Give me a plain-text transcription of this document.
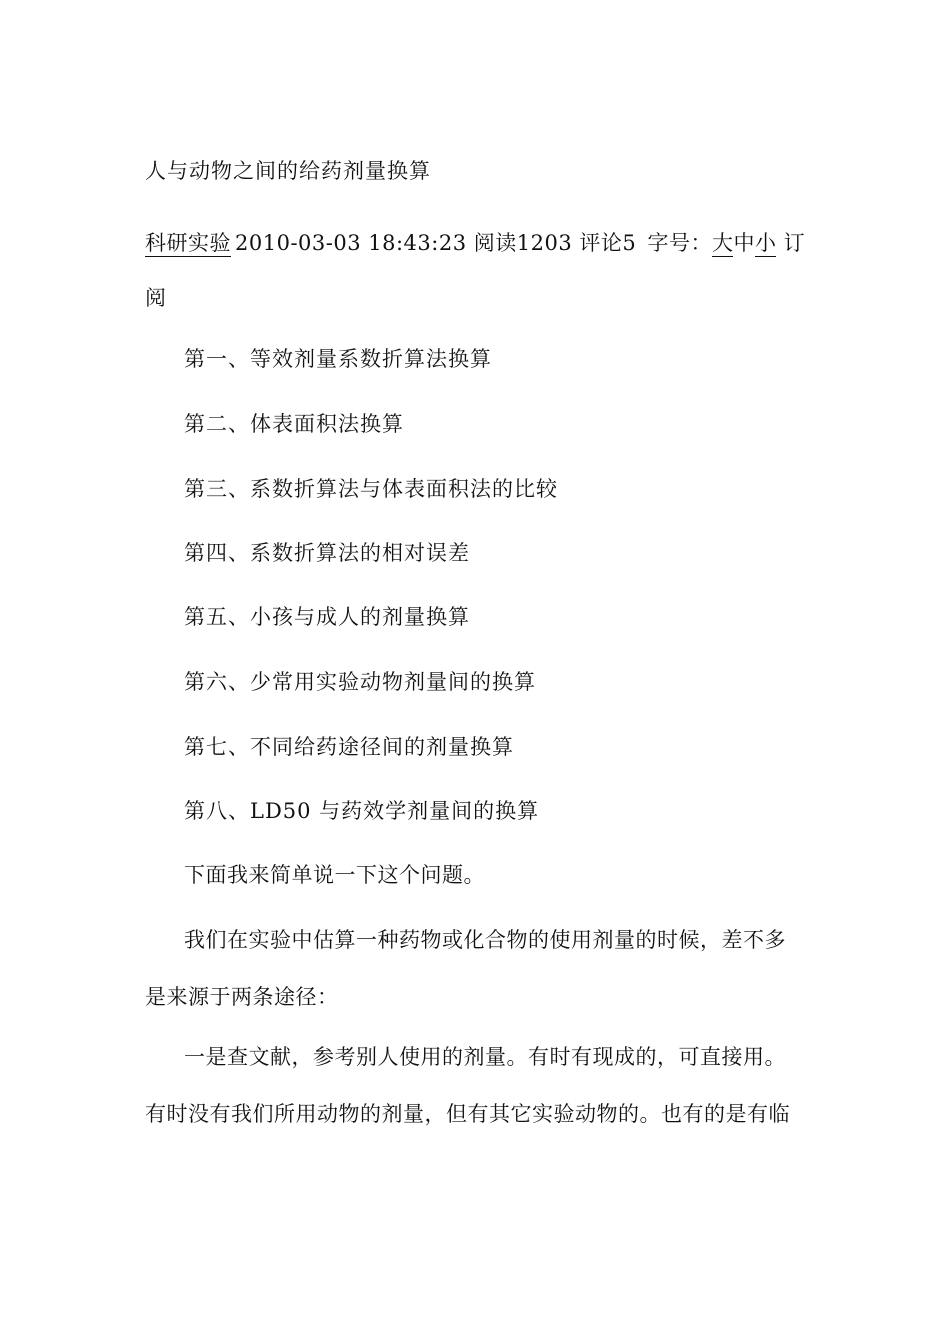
人与动物之间的给药剂量换算
科研实验 2010-03-03 18:43:23 阅读1203 评论5 字号：大中小 订
阅
第一、等效剂量系数折算法换算
第二、体表面积法换算
第三、系数折算法与体表面积法的比较
第四、系数折算法的相对误差
第五、小孩与成人的剂量换算
第六、少常用实验动物剂量间的换算
第七、不同给药途径间的剂量换算
第八、LD50 与药效学剂量间的换算
下面我来简单说一下这个问题。
我们在实验中估算一种药物或化合物的使用剂量的时候，差不多
是来源于两条途径：
一是查文献，参考别人使用的剂量。有时有现成的，可直接用。
有时没有我们所用动物的剂量，但有其它实验动物的。也有的是有临
